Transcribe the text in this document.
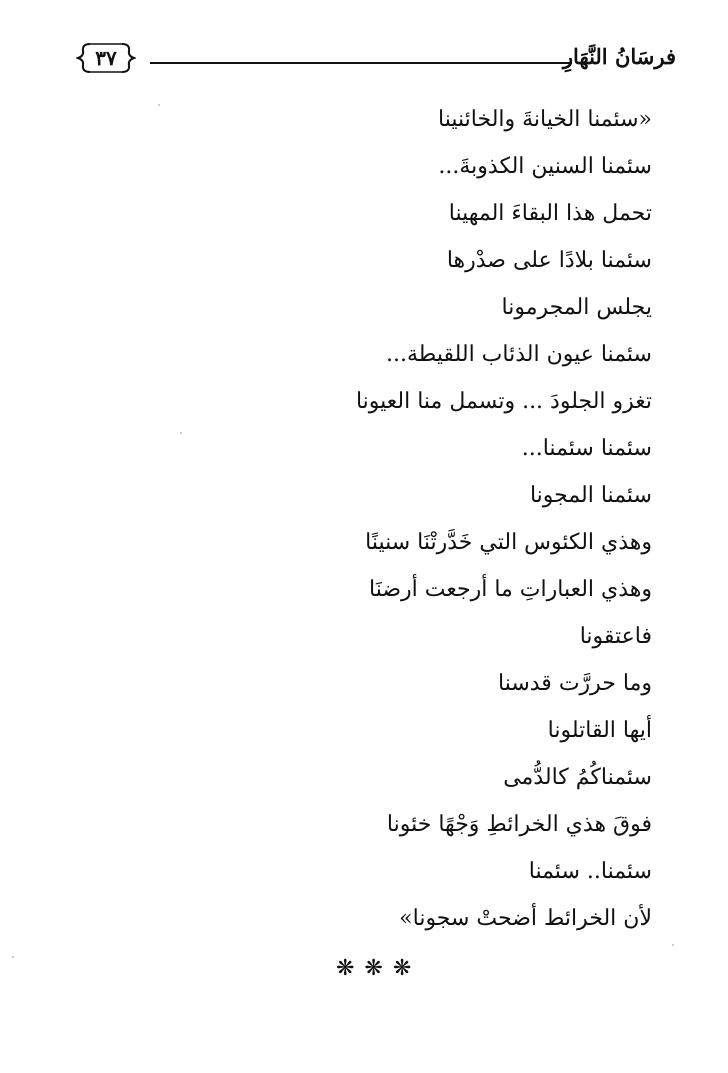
٣٧	فرسَانُ النَّهَارِ
«سئمنا الخيانةَ والخائنينا
سئمنا السنين الكذوبةَ...
تحمل هذا البقاءَ المهينا
سئمنا بلادًا على صدْرها
يجلس المجرمونا
سئمنا عيون الذئاب اللقيطة...
تغزو الجلودَ ... وتسمل منا العيونا
سئمنا سئمنا...
سئمنا المجونا
وهذي الكئوس التي خَدَّرتْنَا سنينًا
وهذي العباراتِ ما أرجعت أرضنَا
فاعتقونا
وما حررَّت قدسنا
أيها القاتلونا
سئمناكُمُ كالدُّمى
فوقَ هذي الخرائطِ وَجْهًا خئونا
سئمنا.. سئمنا
لأن الخرائط أضحتْ سجونا»
❋❋❋
